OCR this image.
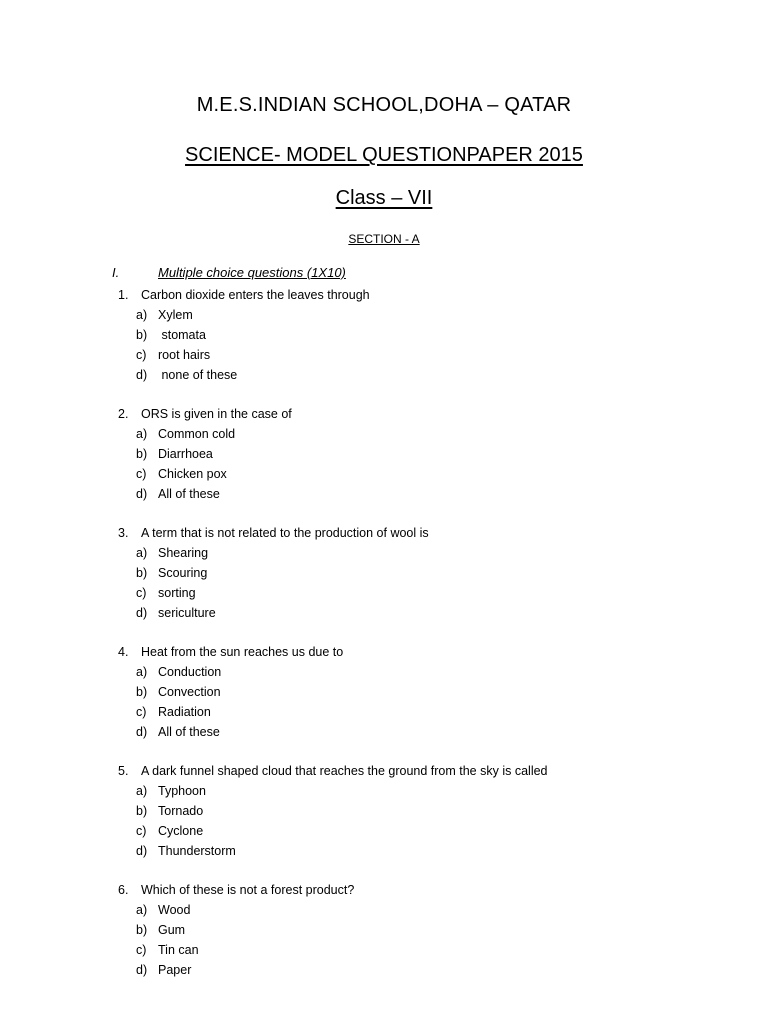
M.E.S.INDIAN SCHOOL,DOHA – QATAR
SCIENCE- MODEL QUESTIONPAPER 2015
Class – VII
SECTION - A
I.	Multiple choice questions (1X10)
1. Carbon dioxide enters the leaves through
a) Xylem
b) stomata
c) root hairs
d) none of these
2. ORS is given in the case of
a) Common cold
b) Diarrhoea
c) Chicken pox
d) All of these
3. A term that is not related to the production of wool is
a) Shearing
b) Scouring
c) sorting
d) sericulture
4. Heat from the sun reaches us due to
a) Conduction
b) Convection
c) Radiation
d) All of these
5. A dark funnel shaped cloud that reaches the ground from the sky is called
a) Typhoon
b) Tornado
c) Cyclone
d) Thunderstorm
6. Which of these is not a forest product?
a) Wood
b) Gum
c) Tin can
d) Paper
